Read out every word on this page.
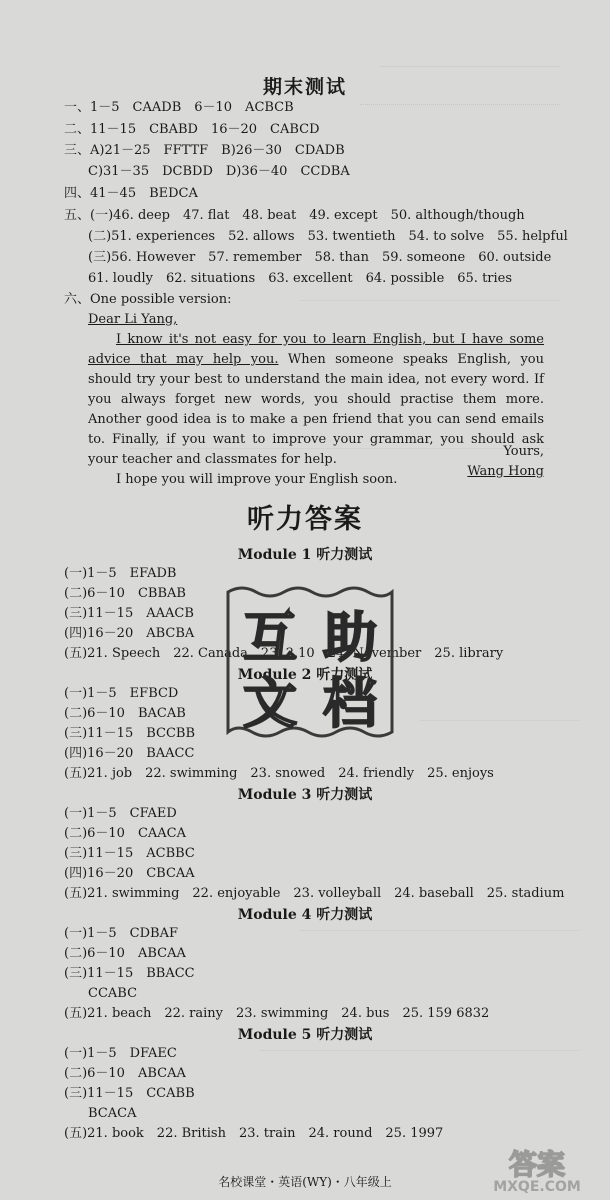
期末测试
一、1－5　CAADB　6－10　ACBCB
二、11－15　CBABD　16－20　CABCD
三、A)21－25　FFTTF　B)26－30　CDADB
C)31－35　DCBDD　D)36－40　CCDBA
四、41－45　BEDCA
五、(一)46. deep　47. flat　48. beat　49. except　50. although/though
(二)51. experiences　52. allows　53. twentieth　54. to solve　55. helpful
(三)56. However　57. remember　58. than　59. someone　60. outside
61. loudly　62. situations　63. excellent　64. possible　65. tries
六、One possible version:
Dear Li Yang,

I know it's not easy for you to learn English, but I have some advice that may help you. When someone speaks English, you should try your best to understand the main idea, not every word. If you always forget new words, you should practise them more. Another good idea is to make a pen friend that you can send emails to. Finally, if you want to improve your grammar, you should ask your teacher and classmates for help.

I hope you will improve your English soon.

Yours,
Wang Hong
听力答案
Module 1 听力测试
(一)1－5　EFADB
(二)6－10　CBBAB
(三)11－15　AAACB
(四)16－20　ABCBA
(五)21. Speech　22. Canada　23. 2,10　24. November　25. library
Module 2 听力测试
(一)1－5　EFBCD
(二)6－10　BACAB
(三)11－15　BCCBB
(四)16－20　BAACC
(五)21. job　22. swimming　23. snowed　24. friendly　25. enjoys
Module 3 听力测试
(一)1－5　CFAED
(二)6－10　CAACA
(三)11－15　ACBBC
(四)16－20　CBCAA
(五)21. swimming　22. enjoyable　23. volleyball　24. baseball　25. stadium
Module 4 听力测试
(一)1－5　CDBAF
(二)6－10　ABCAA
(三)11－15　BBACC
CCABC
(五)21. beach　22. rainy　23. swimming　24. bus　25. 159 6832
Module 5 听力测试
(一)1－5　DFAEC
(二)6－10　ABCAA
(三)11－15　CCABB
BCACA
(五)21. book　22. British　23. train　24. round　25. 1997
名校课堂・英语(WY)・八年级上
互 助
文 档
答案
MXQE.COM
